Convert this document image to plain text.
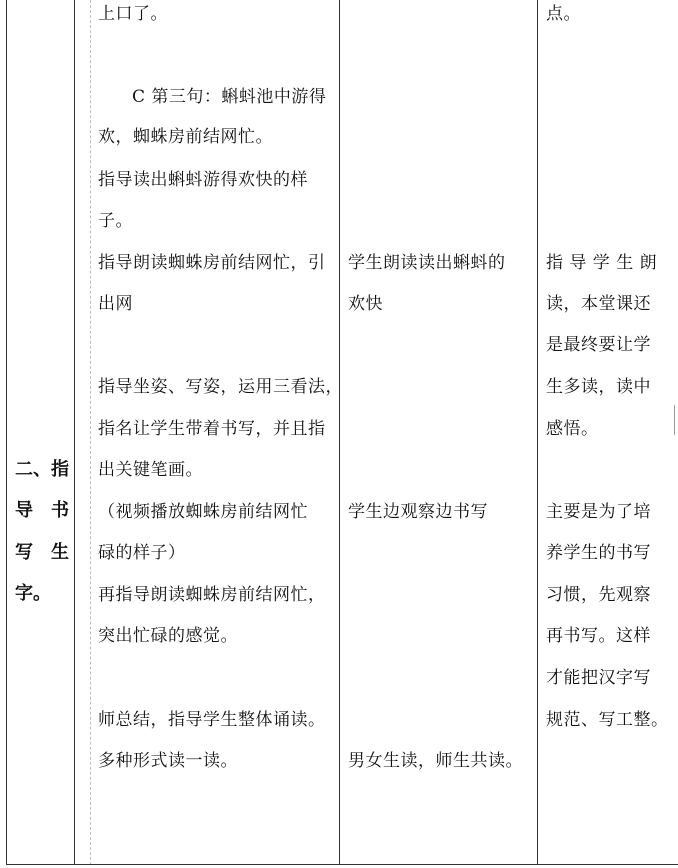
二、指
导　书
写　生
字。
上口了。
C 第三句：蝌蚪池中游得
欢，蜘蛛房前结网忙。
指导读出蝌蚪游得欢快的样
子。
指导朗读蜘蛛房前结网忙，引
出网
指导坐姿、写姿，运用三看法，
指名让学生带着书写，并且指
出关键笔画。
（视频播放蜘蛛房前结网忙
碌的样子）
再指导朗读蜘蛛房前结网忙，
突出忙碌的感觉。
师总结，指导学生整体诵读。
多种形式读一读。
学生朗读读出蝌蚪的
欢快
学生边观察边书写
男女生读，师生共读。
点。
指 导 学 生 朗
读，本堂课还
是最终要让学
生多读，读中
感悟。
主要是为了培
养学生的书写
习惯，先观察
再书写。这样
才能把汉字写
规范、写工整。
